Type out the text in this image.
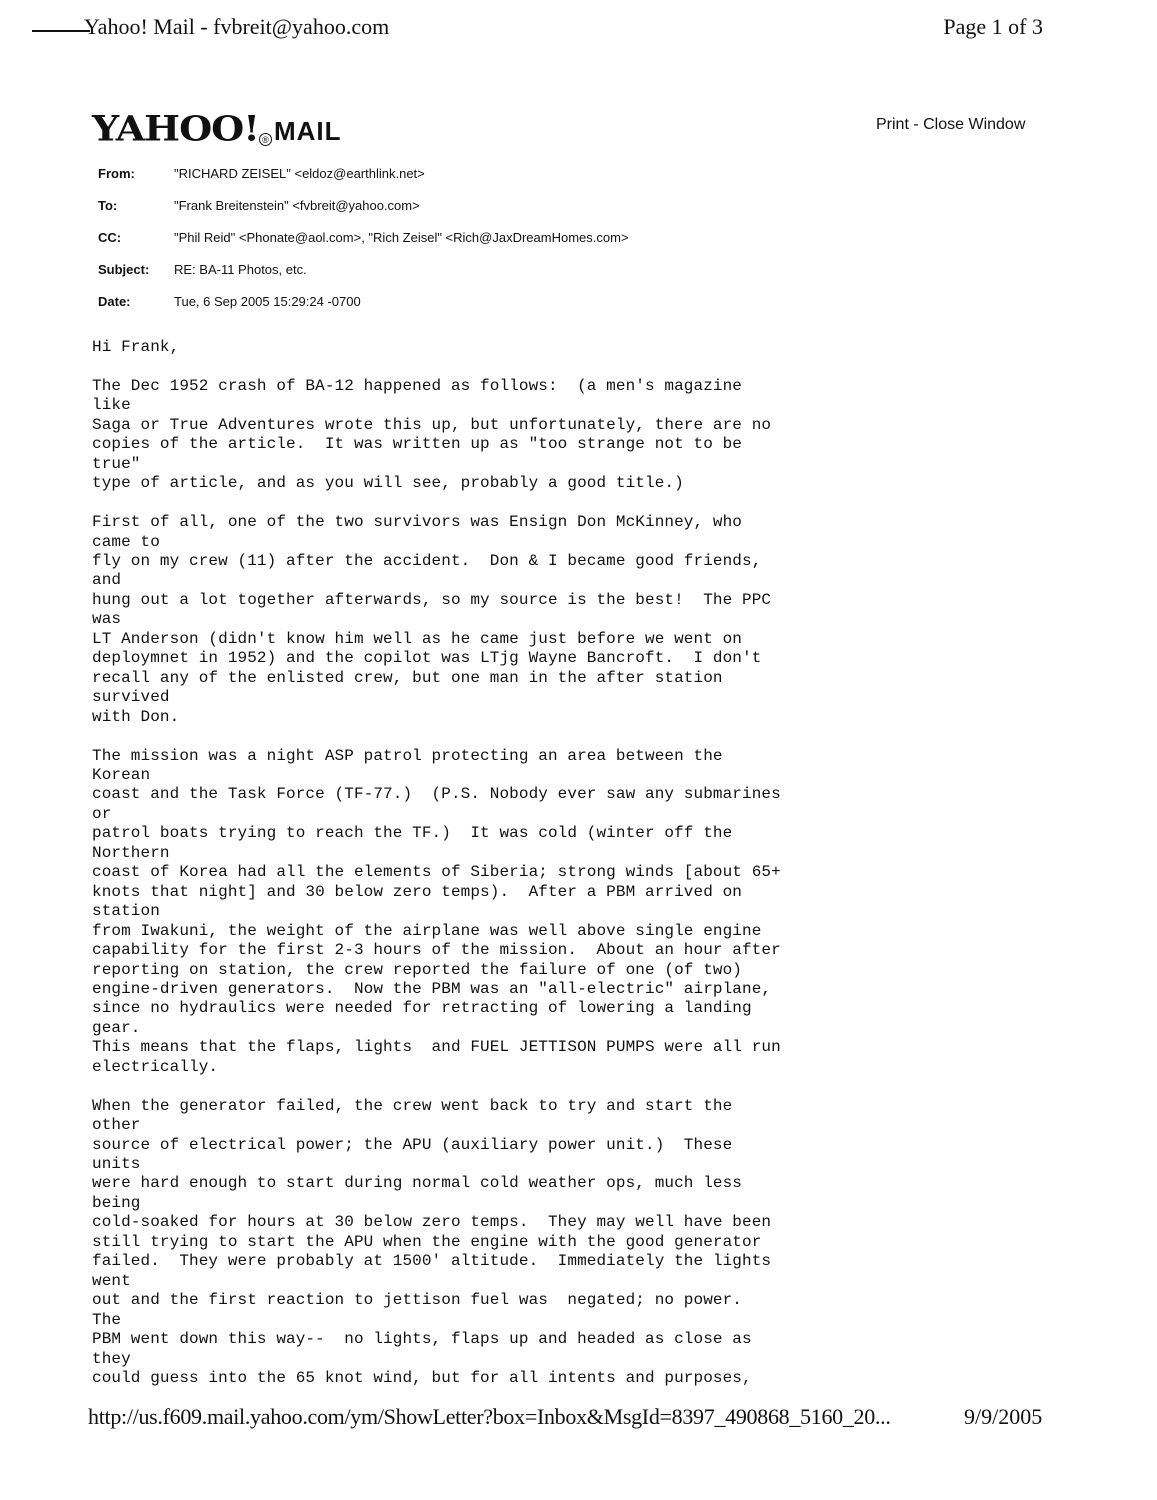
Yahoo! Mail - fvbreit@yahoo.com	Page 1 of 3
YAHOO! ® MAIL	Print - Close Window
From:	"RICHARD ZEISEL" <eldoz@earthlink.net>
To:	"Frank Breitenstein" <fvbreit@yahoo.com>
CC:	"Phil Reid" <Phonate@aol.com>, "Rich Zeisel" <Rich@JaxDreamHomes.com>
Subject:	RE: BA-11 Photos, etc.
Date:	Tue, 6 Sep 2005 15:29:24 -0700
Hi Frank,

The Dec 1952 crash of BA-12 happened as follows:  (a men's magazine
like
Saga or True Adventures wrote this up, but unfortunately, there are no
copies of the article.  It was written up as "too strange not to be
true"
type of article, and as you will see, probably a good title.)

First of all, one of the two survivors was Ensign Don McKinney, who
came to
fly on my crew (11) after the accident.  Don & I became good friends,
and
hung out a lot together afterwards, so my source is the best!  The PPC
was
LT Anderson (didn't know him well as he came just before we went on
deploymnet in 1952) and the copilot was LTjg Wayne Bancroft.  I don't
recall any of the enlisted crew, but one man in the after station
survived
with Don.

The mission was a night ASP patrol protecting an area between the
Korean
coast and the Task Force (TF-77.)  (P.S. Nobody ever saw any submarines
or
patrol boats trying to reach the TF.)  It was cold (winter off the
Northern
coast of Korea had all the elements of Siberia; strong winds [about 65+
knots that night] and 30 below zero temps).  After a PBM arrived on
station
from Iwakuni, the weight of the airplane was well above single engine
capability for the first 2-3 hours of the mission.  About an hour after
reporting on station, the crew reported the failure of one (of two)
engine-driven generators.  Now the PBM was an "all-electric" airplane,
since no hydraulics were needed for retracting of lowering a landing
gear.
This means that the flaps, lights  and FUEL JETTISON PUMPS were all run
electrically.

When the generator failed, the crew went back to try and start the
other
source of electrical power; the APU (auxiliary power unit.)  These
units
were hard enough to start during normal cold weather ops, much less
being
cold-soaked for hours at 30 below zero temps.  They may well have been
still trying to start the APU when the engine with the good generator
failed.  They were probably at 1500' altitude.  Immediately the lights
went
out and the first reaction to jettison fuel was  negated; no power.
The
PBM went down this way--  no lights, flaps up and headed as close as
they
could guess into the 65 knot wind, but for all intents and purposes,
http://us.f609.mail.yahoo.com/ym/ShowLetter?box=Inbox&MsgId=8397_490868_5160_20...	9/9/2005
